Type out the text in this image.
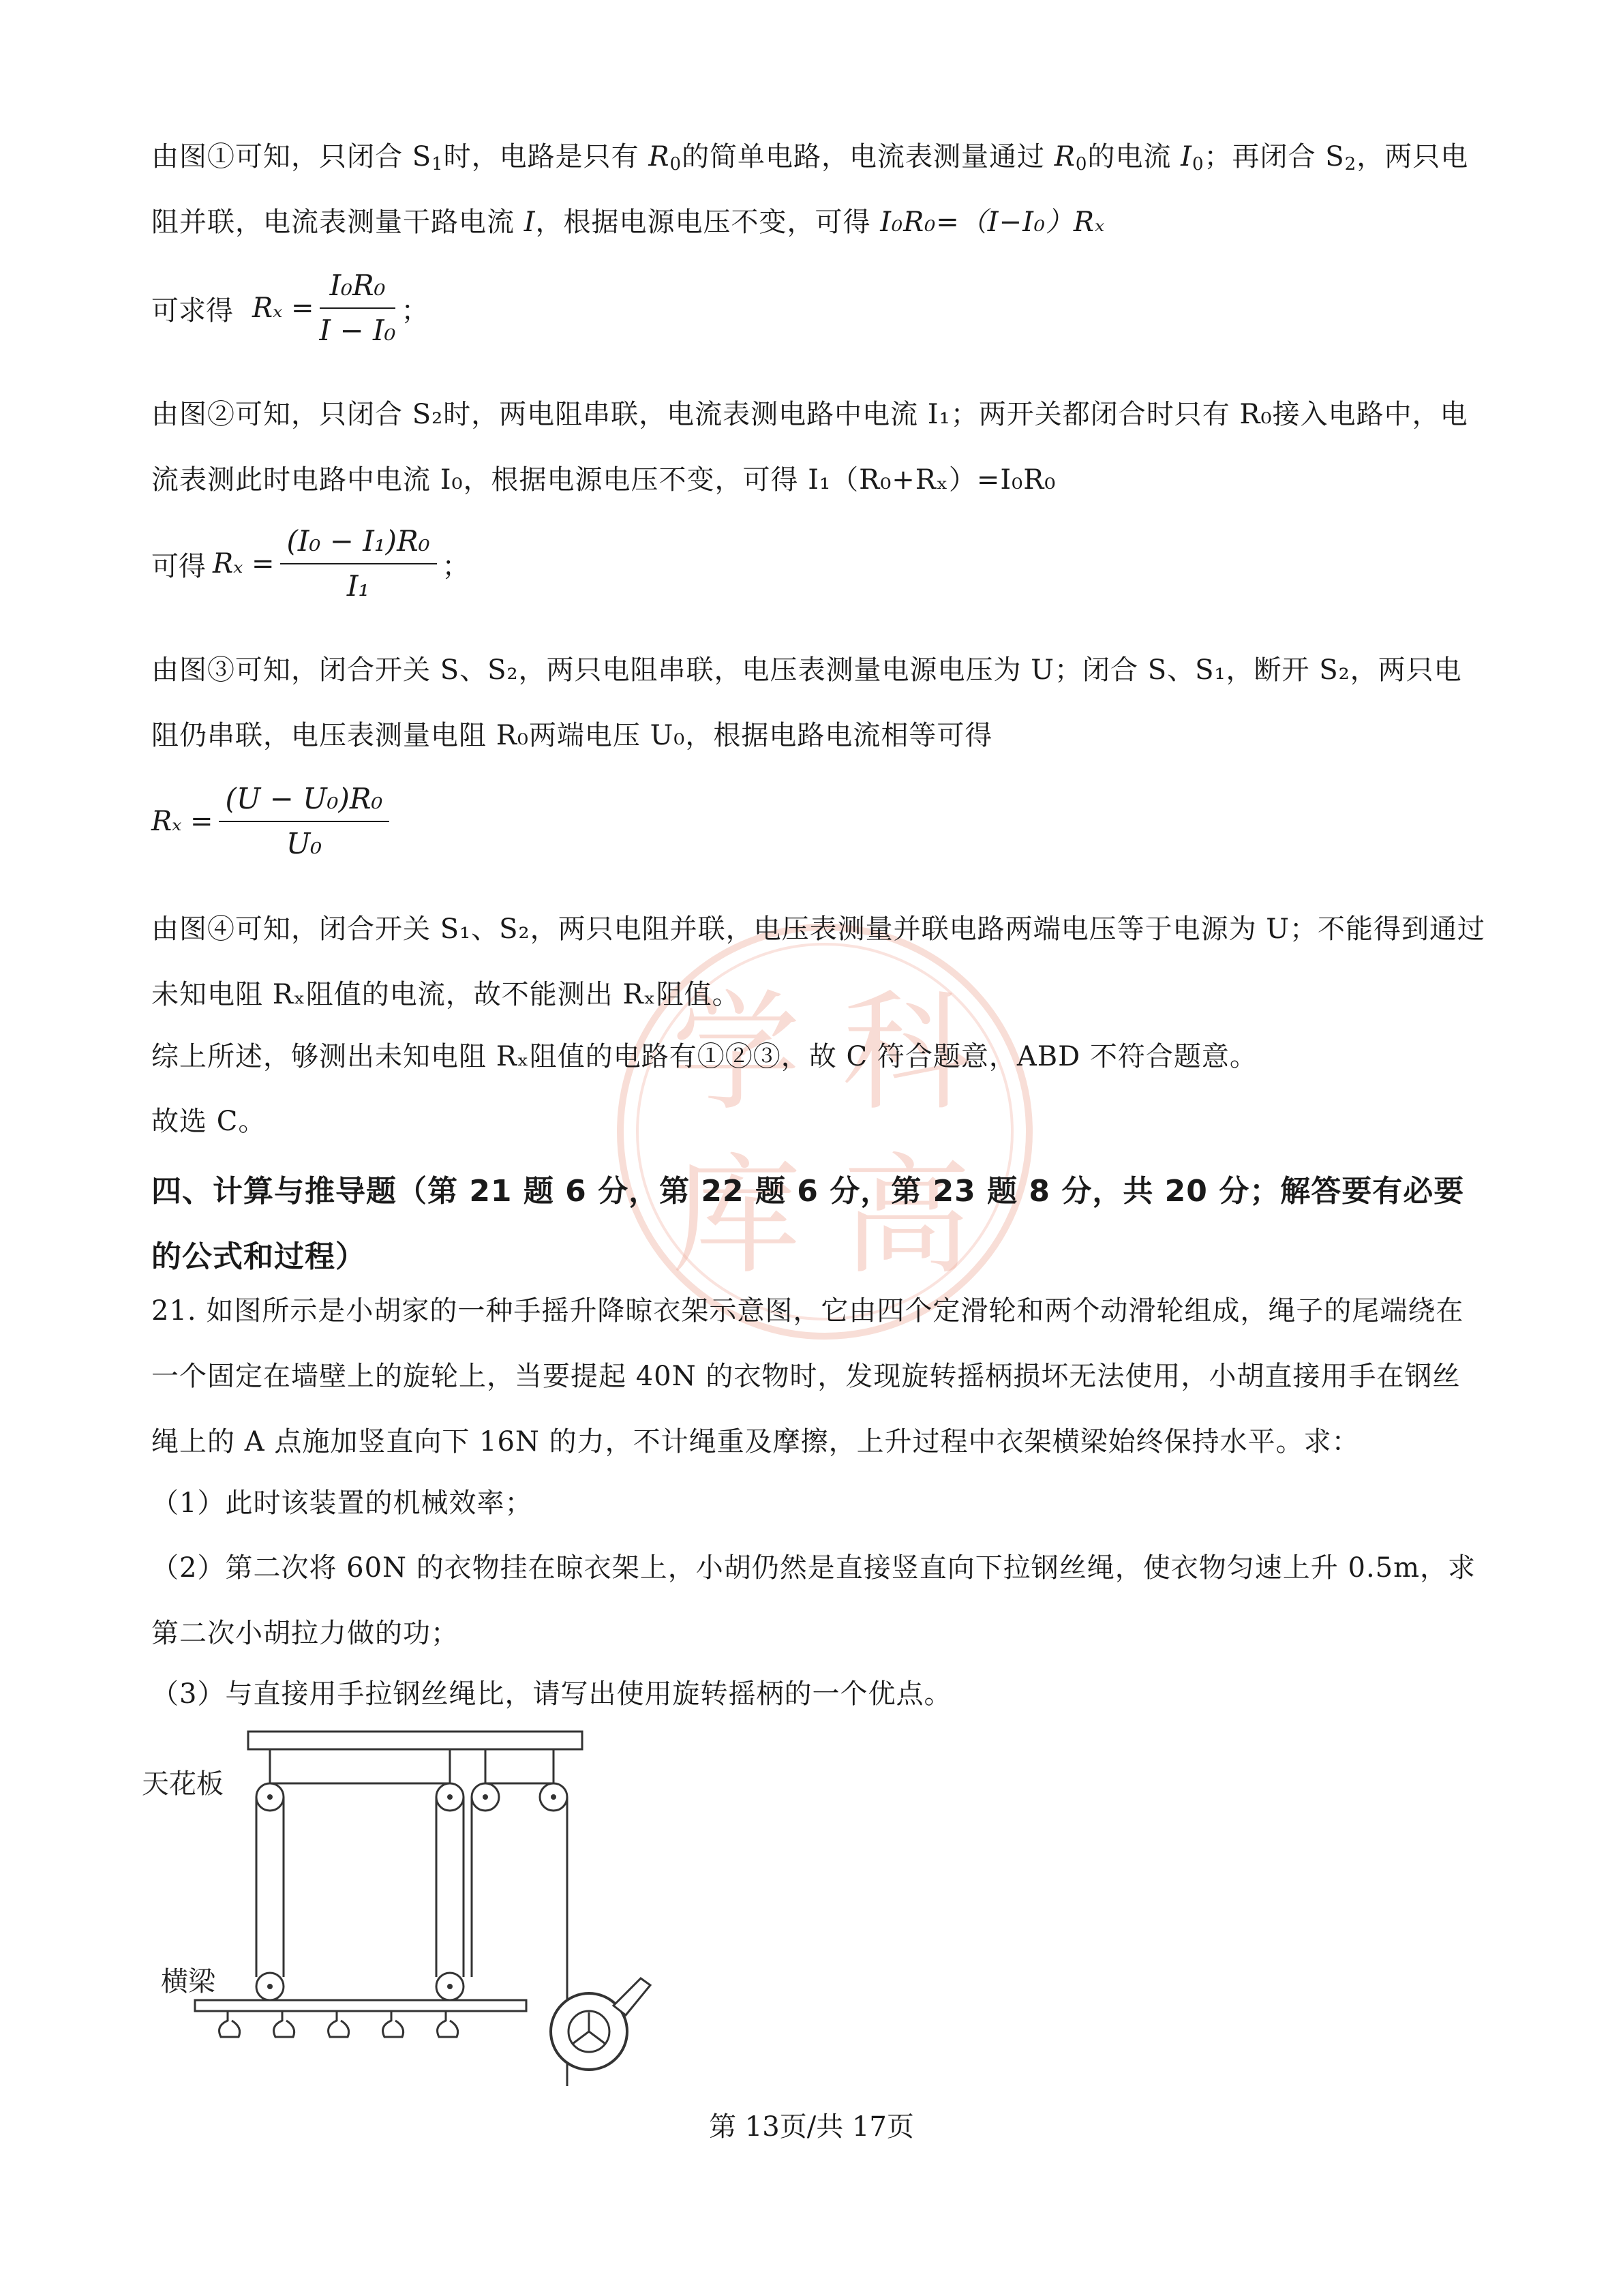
学 科
库 高
由图①可知，只闭合 $S_1$时，电路是只有 $R_0$的简单电路，电流表测量通过 $R_0$的电流 $I_0$；再闭合 $S_2$，两只电阻并联，电流表测量干路电流 I，根据电源电压不变，可得 I₀R₀=（I−I₀）Rₓ
可求得 $R_x = \frac{\text{I₀R₀}}{\text{I − I₀}}$ ；
由图②可知，只闭合 S₂时，两电阻串联，电流表测电路中电流 I₁；两开关都闭合时只有 R₀接入电路中，电流表测此时电路中电流 I₀，根据电源电压不变，可得 I₁（R₀+Rₓ）=I₀R₀
可得 $R_x = \frac{\text{(I₀ − I₁)R₀}}{\text{I₁}}$ ；
由图③可知，闭合开关 S、S₂，两只电阻串联，电压表测量电源电压为 U；闭合 S、S₁，断开 S₂，两只电阻仍串联，电压表测量电阻 R₀两端电压 U₀，根据电路电流相等可得
$R_x = \frac{\text{(U − U₀)R₀}}{\text{U₀}}$
由图④可知，闭合开关 S₁、S₂，两只电阻并联，电压表测量并联电路两端电压等于电源为 U；不能得到通过未知电阻 Rₓ阻值的电流，故不能测出 Rₓ阻值。
综上所述，够测出未知电阻 Rₓ阻值的电路有①②③，故 C 符合题意，ABD 不符合题意。
故选 C。
四、计算与推导题（第 21 题 6 分，第 22 题 6 分，第 23 题 8 分，共 20 分；解答要有必要的公式和过程）
21. 如图所示是小胡家的一种手摇升降晾衣架示意图，它由四个定滑轮和两个动滑轮组成，绳子的尾端绕在一个固定在墙壁上的旋轮上，当要提起 40N 的衣物时，发现旋转摇柄损坏无法使用，小胡直接用手在钢丝绳上的 A 点施加竖直向下 16N 的力，不计绳重及摩擦，上升过程中衣架横梁始终保持水平。求：
（1）此时该装置的机械效率；
（2）第二次将 60N 的衣物挂在晾衣架上，小胡仍然是直接竖直向下拉钢丝绳，使衣物匀速上升 0.5m，求第二次小胡拉力做的功；
（3）与直接用手拉钢丝绳比，请写出使用旋转摇柄的一个优点。
天花板
横梁
第 13页/共 17页
